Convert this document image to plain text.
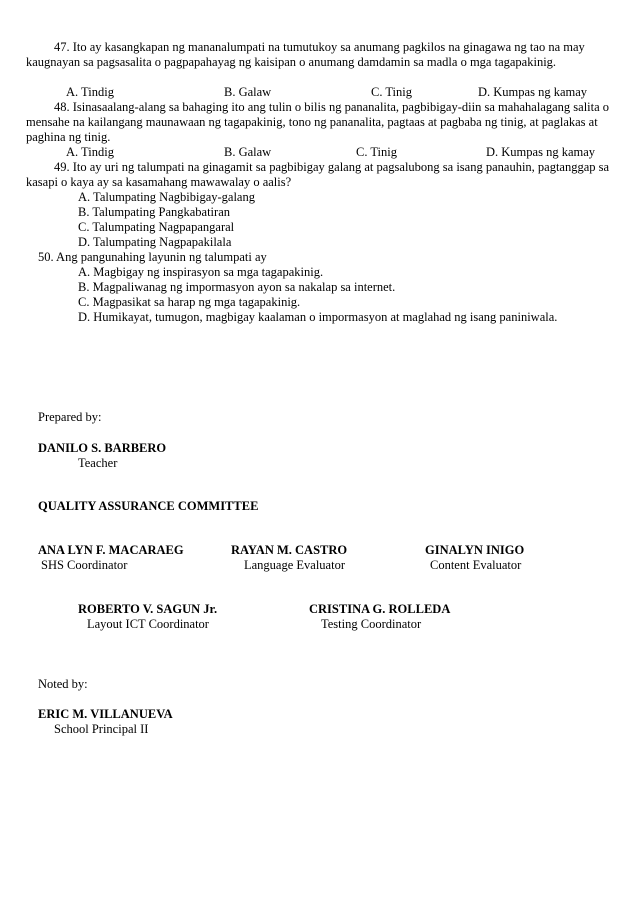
47. Ito ay kasangkapan ng mananalumpati na tumutukoy sa anumang pagkilos na ginagawa ng tao na may kaugnayan sa pagsasalita o pagpapahayag ng kaisipan o anumang damdamin sa madla o mga tagapakinig.
A. Tindig	B. Galaw	C. Tinig	D. Kumpas ng kamay
48. Isinasaalang-alang sa bahaging ito ang tulin o bilis ng pananalita, pagbibigay-diin sa mahahalagang salita o mensahe na kailangang maunawaan ng tagapakinig, tono ng pananalita, pagtaas at pagbaba ng tinig, at paglakas at paghina ng tinig.
A. Tindig	B. Galaw	C. Tinig	D. Kumpas ng kamay
49. Ito ay uri ng talumpati na ginagamit sa pagbibigay galang at pagsalubong sa isang panauhin, pagtanggap sa kasapi o kaya ay sa kasamahang mawawalay o aalis?
A. Talumpating Nagbibigay-galang
B. Talumpating Pangkabatiran
C. Talumpating Nagpapangaral
D. Talumpating Nagpapakilala
50. Ang pangunahing layunin ng talumpati ay
A. Magbigay ng inspirasyon sa mga tagapakinig.
B. Magpaliwanag ng impormasyon ayon sa nakalap sa internet.
C. Magpasikat sa harap ng mga tagapakinig.
D. Humikayat, tumugon, magbigay kaalaman o impormasyon at maglahad ng isang paniniwala.
Prepared by:
DANILO S. BARBERO
Teacher
QUALITY ASSURANCE COMMITTEE
ANA LYN F. MACARAEG
SHS Coordinator
RAYAN M. CASTRO
Language Evaluator
GINALYN INIGO
Content Evaluator
ROBERTO V. SAGUN Jr.
Layout ICT Coordinator
CRISTINA G. ROLLEDA
Testing Coordinator
Noted by:
ERIC M. VILLANUEVA
School Principal II
